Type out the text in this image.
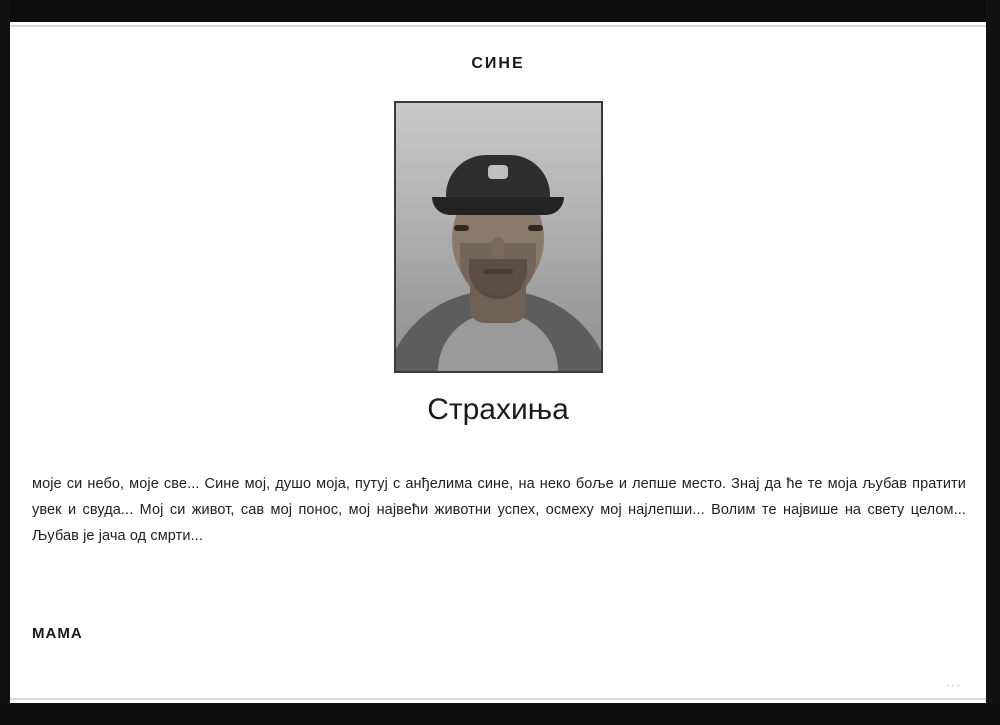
СИНЕ
Страхиња
моје си небо, моје све... Сине мој, душо моја, путуј с анђелима сине, на неко боље и лепше место. Знај да ће те моја љубав пратити увек и свуда... Мој си живот, сав мој понос, мој највећи животни успех, осмеху мој најлепши... Волим те највише на свету целом... Љубав је јача од смрти...
МАМА
- - -
